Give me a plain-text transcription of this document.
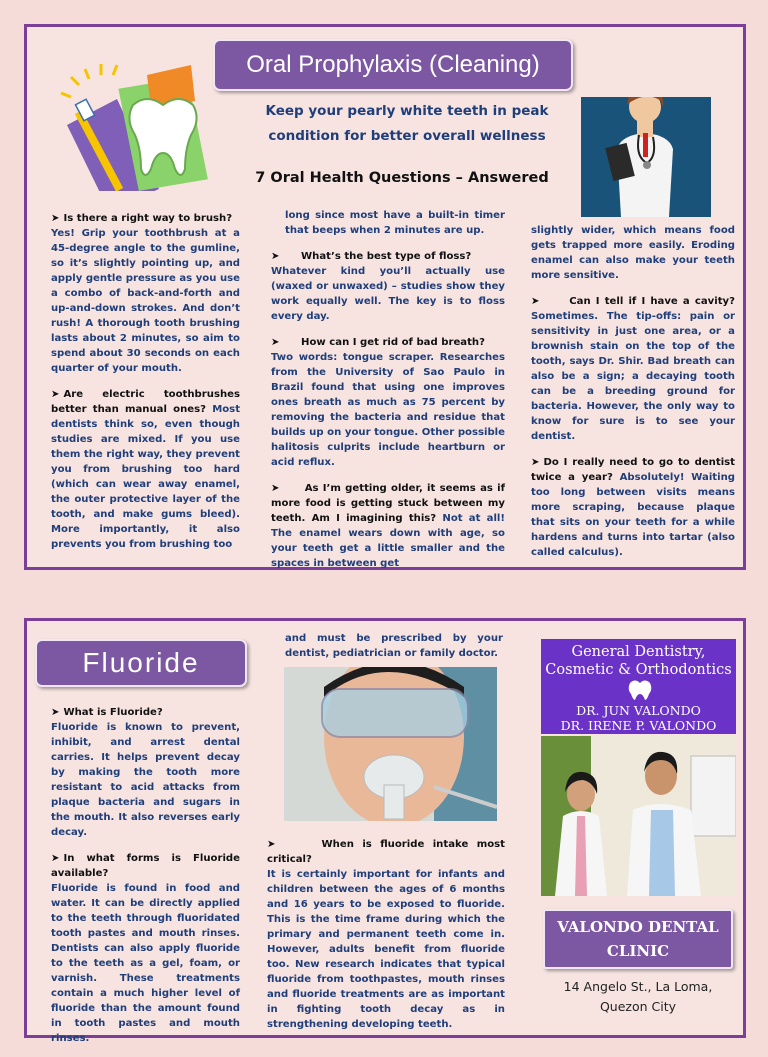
Oral Prophylaxis (Cleaning)
Keep your pearly white teeth in peak
condition for better overall wellness
7 Oral Health Questions – Answered

➤ Is there a right way to brush?
Yes! Grip your toothbrush at a 45-degree angle to the gumline, so it’s slightly pointing up, and apply gentle pressure as you use a combo of back-and-forth and up-and-down strokes. And don’t rush! A thorough tooth brushing lasts about 2 minutes, so aim to spend about 30 seconds on each quarter of your mouth.

➤ Are electric toothbrushes better than manual ones? Most dentists think so, even though studies are mixed. If you use them the right way, they prevent you from brushing too hard (which can wear away enamel, the outer protective layer of the tooth, and make gums bleed). More importantly, it also prevents you from brushing too

long since most have a built-in timer that beeps when 2 minutes are up.

➤ What’s the best type of floss?
Whatever kind you’ll actually use (waxed or unwaxed) – studies show they work equally well. The key is to floss every day.

➤ How can I get rid of bad breath?
Two words: tongue scraper. Researches from the University of Sao Paulo in Brazil found that using one improves ones breath as much as 75 percent by removing the bacteria and residue that builds up on your tongue. Other possible halitosis culprits include heartburn or acid reflux.

➤	As I’m getting older, it seems as if more food is getting stuck between my teeth. Am I imagining this? Not at all! The enamel wears down with age, so your teeth get a little smaller and the spaces in between get

slightly wider, which means food gets trapped more easily. Eroding enamel can also make your teeth more sensitive.

➤	Can I tell if I have a cavity? Sometimes. The tip-offs: pain or sensitivity in just one area, or a brownish stain on the top of the tooth, says Dr. Shir. Bad breath can also be a sign; a decaying tooth can be a breeding ground for bacteria. However, the only way to know for sure is to see your dentist.

➤ Do I really need to go to dentist twice a year? Absolutely! Waiting too long between visits means more scraping, because plaque that sits on your teeth for a while hardens and turns into tartar (also called calculus).

Fluoride

➤ What is Fluoride?
Fluoride is known to prevent, inhibit, and arrest dental carries. It helps prevent decay by making the tooth more resistant to acid attacks from plaque bacteria and sugars in the mouth. It also reverses early decay.

➤ In what forms is Fluoride available?
Fluoride is found in food and water. It can be directly applied to the teeth through fluoridated tooth pastes and mouth rinses. Dentists can also apply fluoride to the teeth as a gel, foam, or varnish. These treatments contain a much higher level of fluoride than the amount found in tooth pastes and mouth rinses.

and must be prescribed by your dentist, pediatrician or family doctor.

➤	When is fluoride intake most critical?
It is certainly important for infants and children between the ages of 6 months and 16 years to be exposed to fluoride. This is the time frame during which the primary and permanent teeth come in. However, adults benefit from fluoride too. New research indicates that typical fluoride from toothpastes, mouth rinses and fluoride treatments are as important in fighting tooth decay as in strengthening developing teeth.

General Dentistry,
Cosmetic & Orthodontics
DR. JUN VALONDO
DR. IRENE P. VALONDO
VALONDO DENTAL
CLINIC
14 Angelo St., La Loma,
Quezon City
